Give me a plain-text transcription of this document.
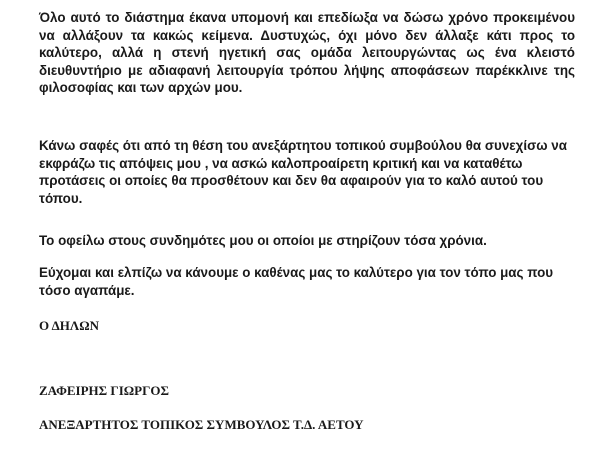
Όλο αυτό το διάστημα έκανα υπομονή και επεδίωξα να δώσω χρόνο προκειμένου να αλλάξουν τα κακώς κείμενα. Δυστυχώς, όχι μόνο δεν άλλαξε κάτι προς το καλύτερο, αλλά η στενή ηγετική σας ομάδα λειτουργώντας ως ένα κλειστό διευθυντήριο με αδιαφανή λειτουργία τρόπου λήψης αποφάσεων παρέκκλινε της φιλοσοφίας και των αρχών μου.

Κάνω σαφές ότι από τη θέση του ανεξάρτητου τοπικού συμβούλου θα συνεχίσω να εκφράζω τις απόψεις μου , να ασκώ καλοπροαίρετη κριτική και να καταθέτω προτάσεις οι οποίες θα προσθέτουν και δεν θα αφαιρούν για το καλό αυτού του τόπου.

Το οφείλω στους συνδημότες μου οι οποίοι με στηρίζουν τόσα χρόνια.

Εύχομαι και ελπίζω να κάνουμε ο καθένας μας το καλύτερο για τον τόπο μας που τόσο αγαπάμε.

Ο ΔΗΛΩΝ

ΖΑΦΕΙΡΗΣ ΓΙΩΡΓΟΣ

ΑΝΕΞΑΡΤΗΤΟΣ ΤΟΠΙΚΟΣ ΣΥΜΒΟΥΛΟΣ Τ.Δ. ΑΕΤΟΥ
